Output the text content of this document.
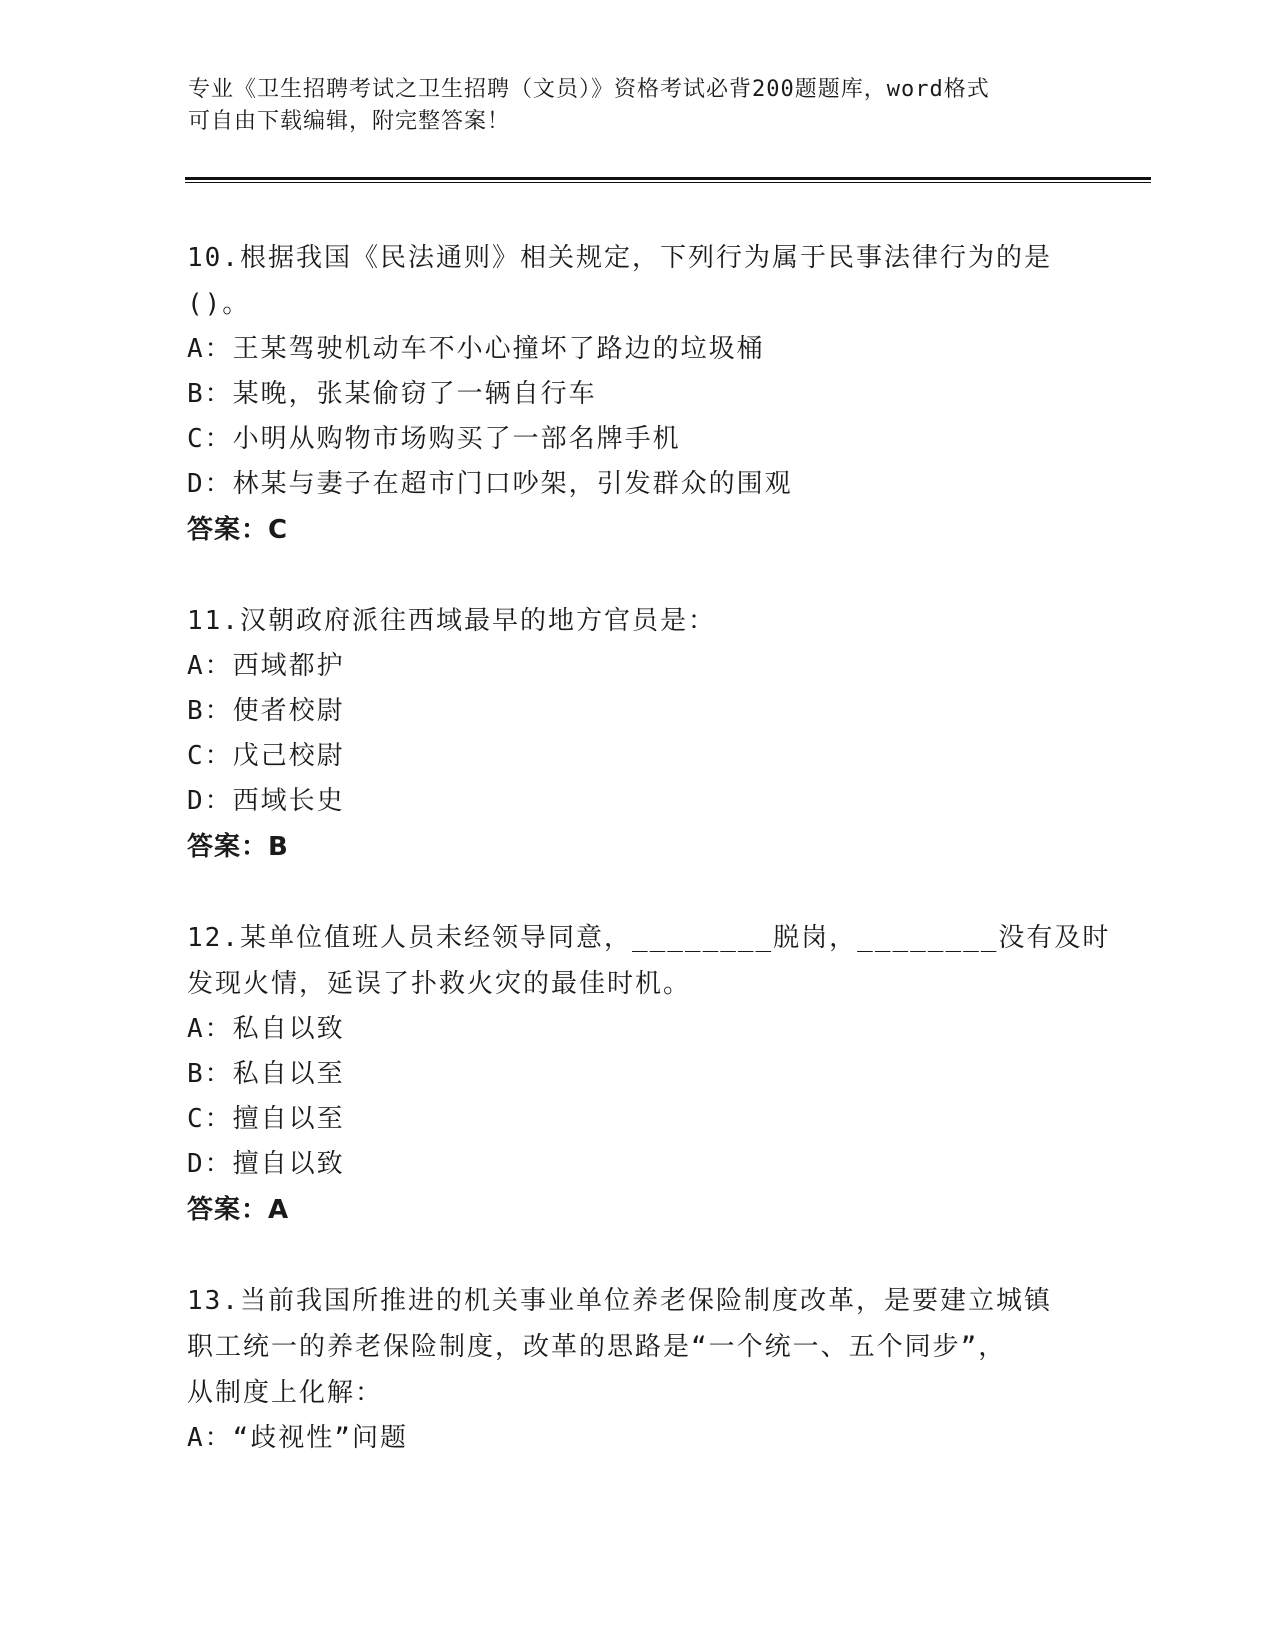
专业《卫生招聘考试之卫生招聘（文员）》资格考试必背200题题库，word格式
可自由下载编辑，附完整答案！
10.根据我国《民法通则》相关规定，下列行为属于民事法律行为的是
()。
A：王某驾驶机动车不小心撞坏了路边的垃圾桶
B：某晚，张某偷窃了一辆自行车
C：小明从购物市场购买了一部名牌手机
D：林某与妻子在超市门口吵架，引发群众的围观
答案：C
11.汉朝政府派往西域最早的地方官员是：
A：西域都护
B：使者校尉
C：戊己校尉
D：西域长史
答案：B
12.某单位值班人员未经领导同意，________脱岗，________没有及时
发现火情，延误了扑救火灾的最佳时机。
A：私自以致
B：私自以至
C：擅自以至
D：擅自以致
答案：A
13.当前我国所推进的机关事业单位养老保险制度改革，是要建立城镇
职工统一的养老保险制度，改革的思路是“一个统一、五个同步”，
从制度上化解：
A：“歧视性”问题
